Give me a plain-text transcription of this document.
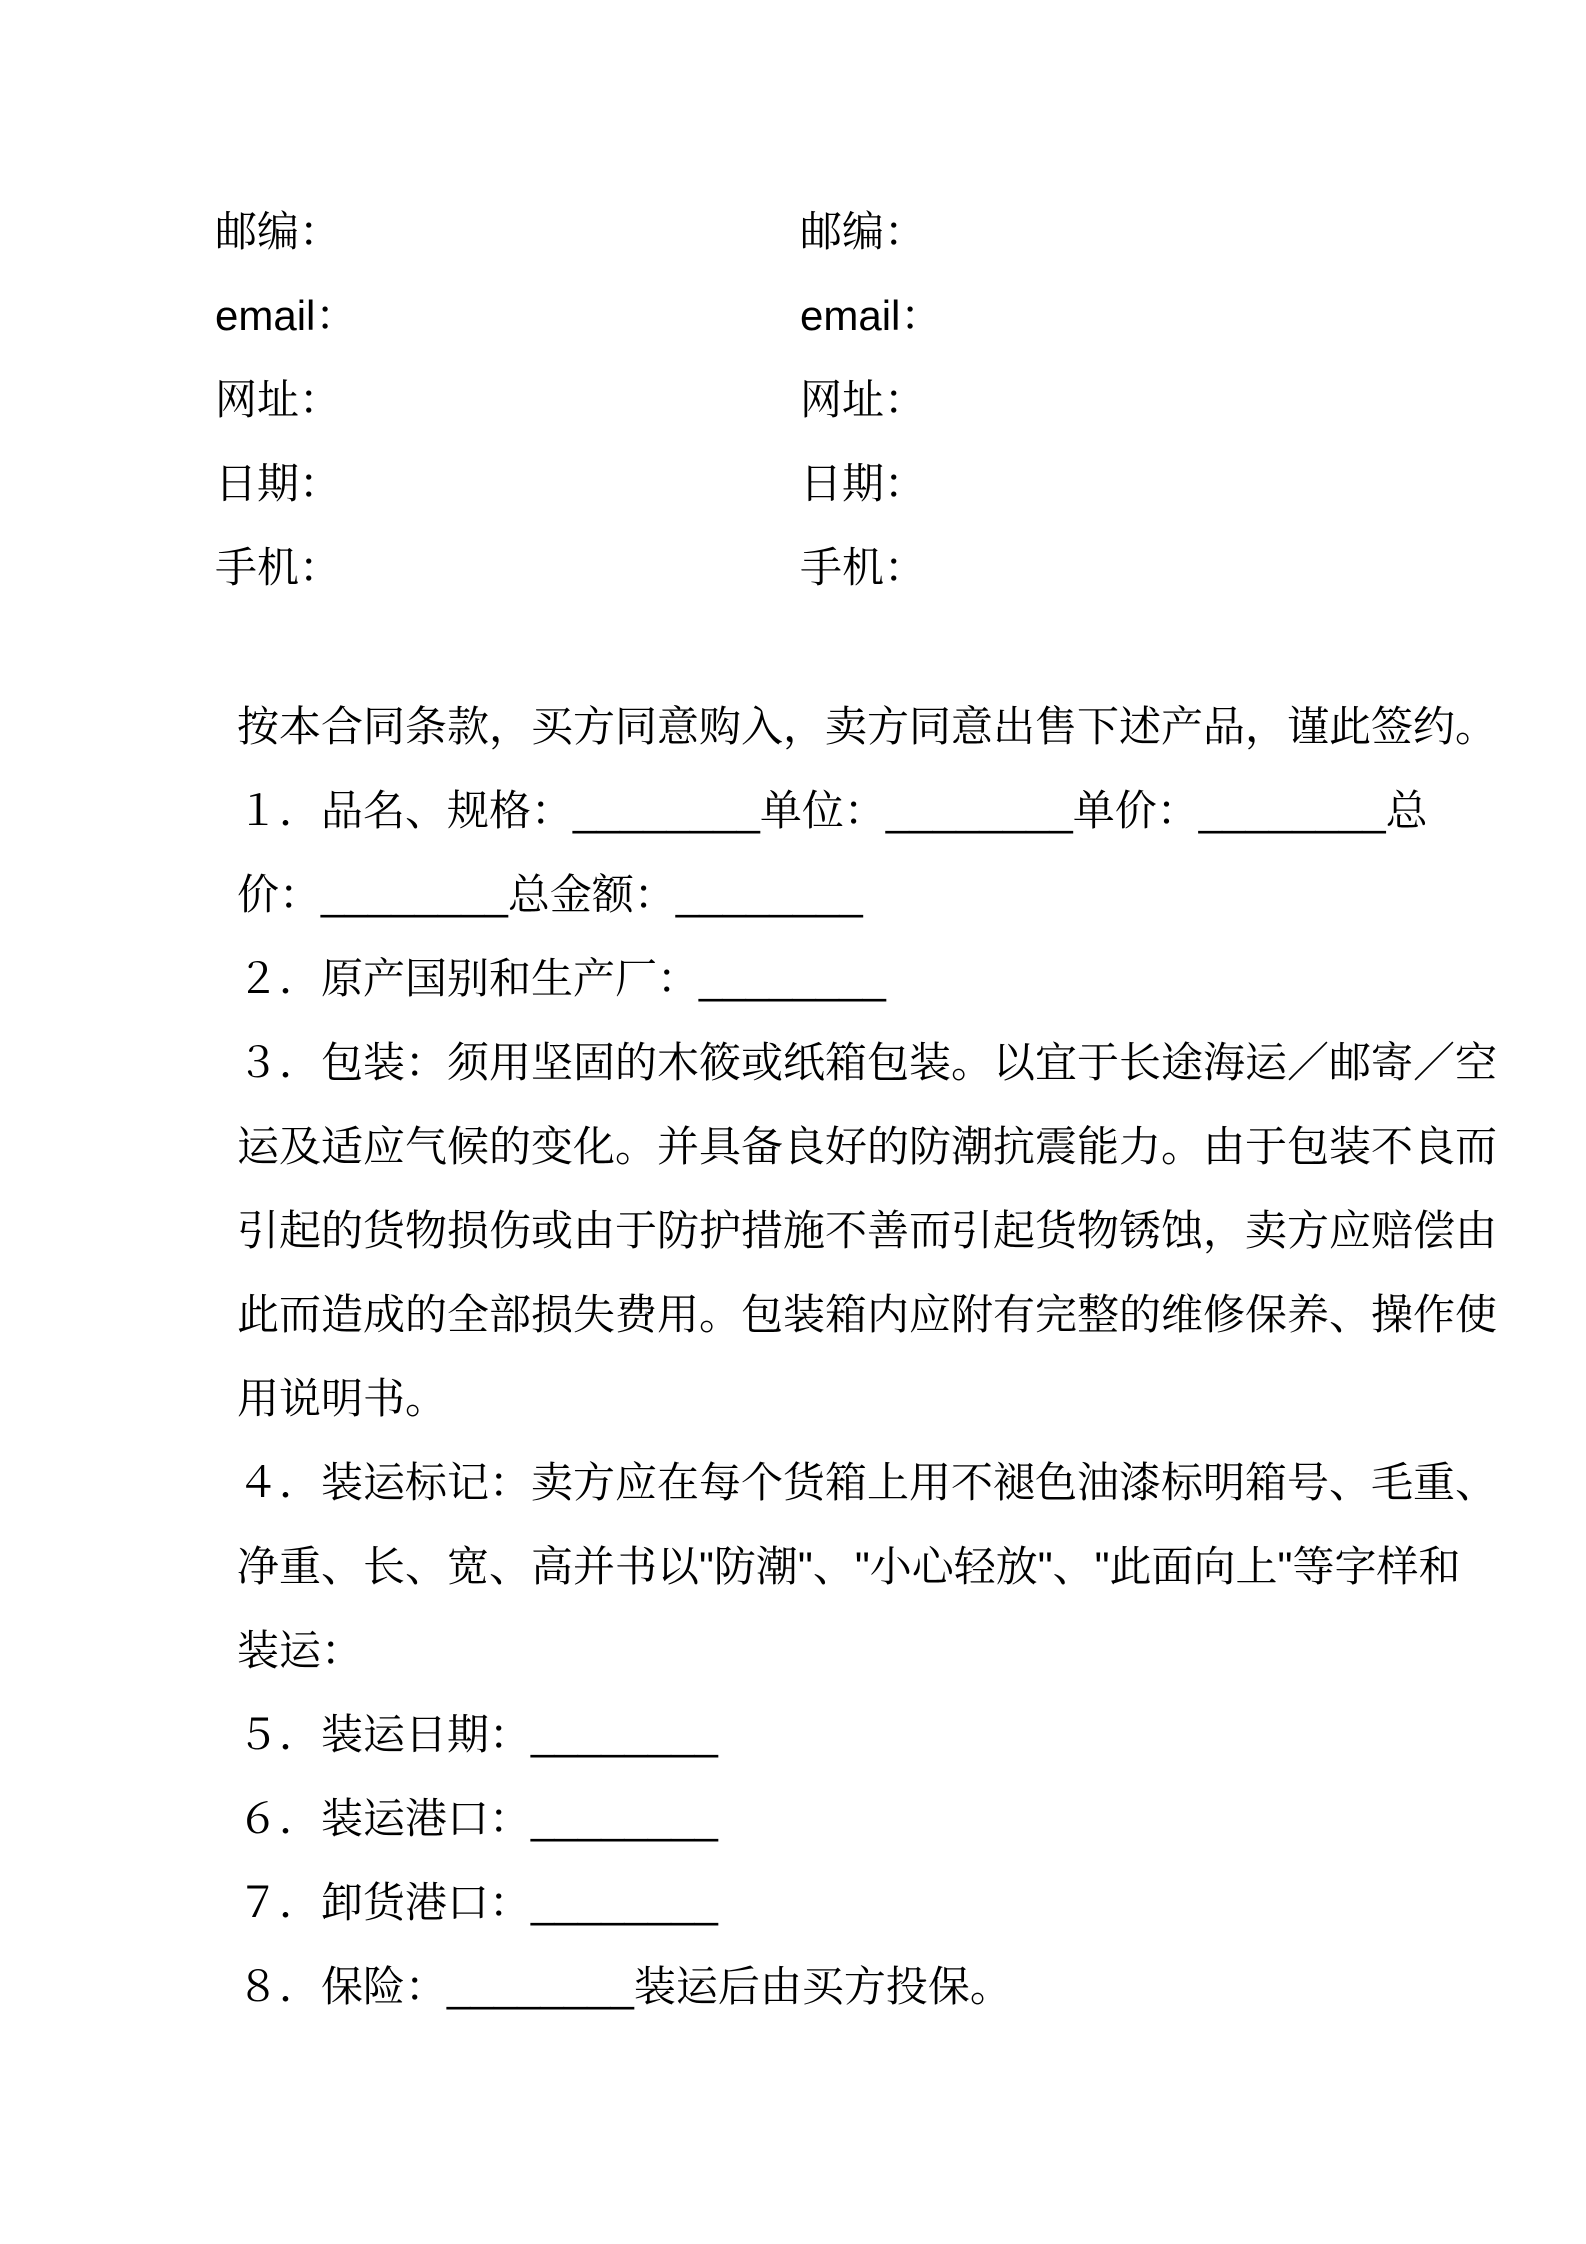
邮编：
email：
网址：
日期：
手机：
邮编：
email：
网址：
日期：
手机：
按本合同条款，买方同意购入，卖方同意出售下述产品，谨此签约。
１．品名、规格：________单位：________单价：________总
价：________总金额：________
２．原产国别和生产厂：________
３．包装：须用坚固的木筱或纸箱包装。以宜于长途海运／邮寄／空
运及适应气候的变化。并具备良好的防潮抗震能力。由于包装不良而
引起的货物损伤或由于防护措施不善而引起货物锈蚀，卖方应赔偿由
此而造成的全部损失费用。包装箱内应附有完整的维修保养、操作使
用说明书。
４．装运标记：卖方应在每个货箱上用不褪色油漆标明箱号、毛重、
净重、长、宽、高并书以"防潮"、"小心轻放"、"此面向上"等字样和
装运：
５．装运日期：________
６．装运港口：________
７．卸货港口：________
８．保险：________装运后由买方投保。
